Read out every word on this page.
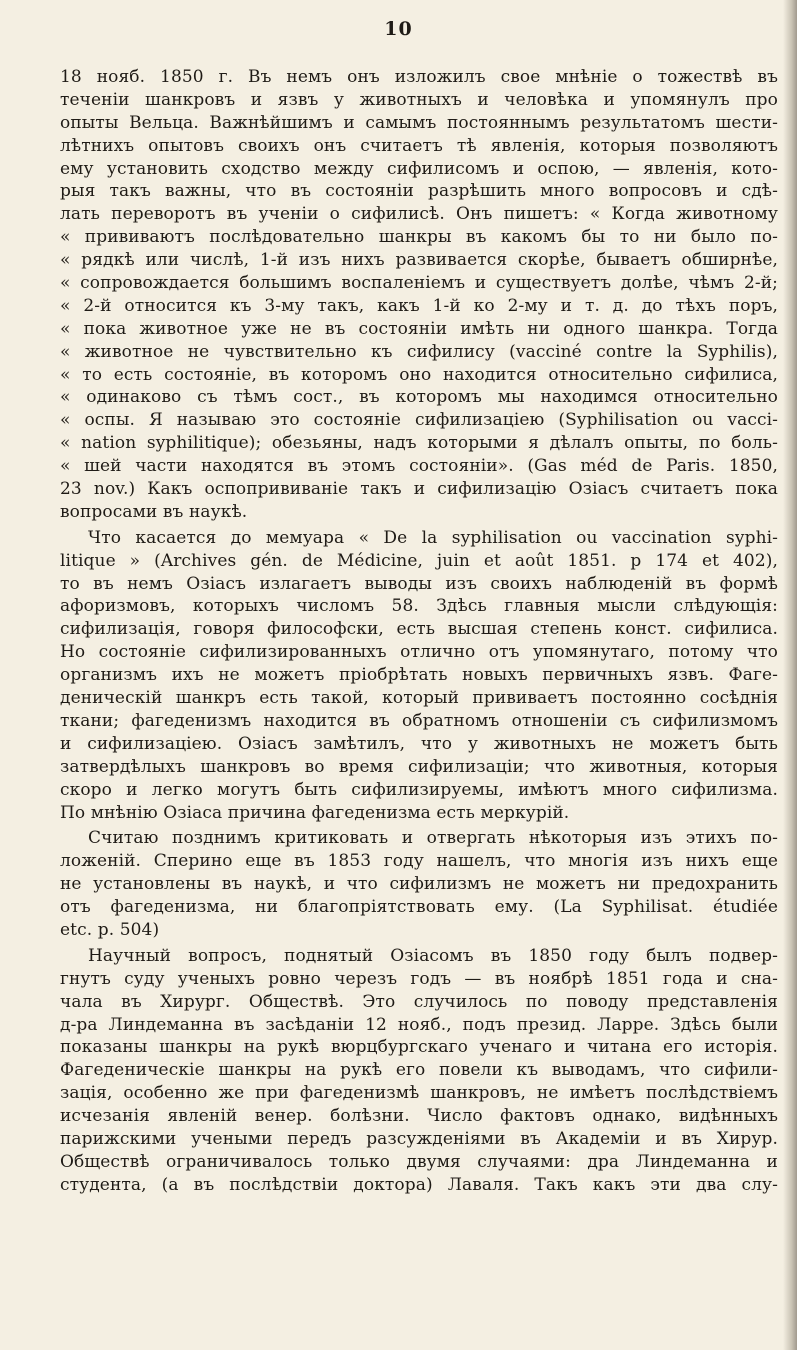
10
18 нояб. 1850 г. Въ немъ онъ изложилъ свое мнѣніе о тожествѣ въ
теченіи шанкровъ и язвъ у животныхъ и человѣка и упомянулъ про
опыты Вельца. Важнѣйшимъ и самымъ постояннымъ результатомъ шести-
лѣтнихъ опытовъ своихъ онъ считаетъ тѣ явленія, которыя позволяютъ
ему установить сходство между сифилисомъ и оспою, — явленія, кото-
рыя такъ важны, что въ состояніи разрѣшить много вопросовъ и сдѣ-
лать переворотъ въ ученіи о сифилисѣ. Онъ пишетъ: « Когда животному
« прививаютъ послѣдовательно шанкры въ какомъ бы то ни было по-
« рядкѣ или числѣ, 1-й изъ нихъ развивается скорѣе, бываетъ обширнѣе,
« сопровождается большимъ воспаленіемъ и существуетъ долѣе, чѣмъ 2-й;
« 2-й относится къ 3-му такъ, какъ 1-й ко 2-му и т. д. до тѣхъ поръ,
« пока животное уже не въ состояніи имѣть ни одного шанкра. Тогда
« животное не чувствительно къ сифилису (vacciné contre la Syphilis),
« то есть состояніе, въ которомъ оно находится относительно сифилиса,
« одинаково съ тѣмъ сост., въ которомъ мы находимся относительно
« оспы. Я называю это состояніе сифилизаціею (Syphilisation ou vacci-
« nation syphilitique); обезьяны, надъ которыми я дѣлалъ опыты, по боль-
« шей части находятся въ этомъ состояніи». (Gas méd de Paris. 1850,
23 nov.) Какъ оспопрививаніе такъ и сифилизацію Озіасъ считаетъ пока
вопросами въ наукѣ.
Что касается до мемуара « De la syphilisation ou vaccination syphi-
litique » (Archives gén. de Médicine, juin et août 1851. p 174 et 402),
то въ немъ Озіасъ излагаетъ выводы изъ своихъ наблюденій въ формѣ
афоризмовъ, которыхъ числомъ 58. Здѣсь главныя мысли слѣдующія:
сифилизація, говоря философски, есть высшая степень конст. сифилиса.
Но состояніе сифилизированныхъ отлично отъ упомянутаго, потому что
организмъ ихъ не можетъ пріобрѣтать новыхъ первичныхъ язвъ. Фаге-
деническій шанкръ есть такой, который прививаетъ постоянно сосѣднія
ткани; фагеденизмъ находится въ обратномъ отношеніи съ сифилизмомъ
и сифилизаціею. Озіасъ замѣтилъ, что у животныхъ не можетъ быть
затвердѣлыхъ шанкровъ во время сифилизаціи; что животныя, которыя
скоро и легко могутъ быть сифилизируемы, имѣютъ много сифилизма.
По мнѣнію Озіаса причина фагеденизма есть меркурій.
Считаю позднимъ критиковать и отвергать нѣкоторыя изъ этихъ по-
ложеній. Сперино еще въ 1853 году нашелъ, что многія изъ нихъ еще
не установлены въ наукѣ, и что сифилизмъ не можетъ ни предохранить
отъ фагеденизма, ни благопріятствовать ему. (La Syphilisat. étudiée
etc. p. 504)
Научный вопросъ, поднятый Озіасомъ въ 1850 году былъ подвер-
гнутъ суду ученыхъ ровно черезъ годъ — въ ноябрѣ 1851 года и сна-
чала въ Хирург. Обществѣ. Это случилось по поводу представленія
д-ра Линдеманна въ засѣданіи 12 нояб., подъ презид. Ларре. Здѣсь были
показаны шанкры на рукѣ вюрцбургскаго ученаго и читана его исторія.
Фагеденическіе шанкры на рукѣ его повели къ выводамъ, что сифили-
зація, особенно же при фагеденизмѣ шанкровъ, не имѣетъ послѣдствіемъ
исчезанія явленій венер. болѣзни. Число фактовъ однако, видѣнныхъ
парижскими учеными передъ разсужденіями въ Академіи и въ Хирур.
Обществѣ ограничивалось только двумя случаями: дра Линдеманна и
студента, (а въ послѣдствіи доктора) Лаваля. Такъ какъ эти два слу-
